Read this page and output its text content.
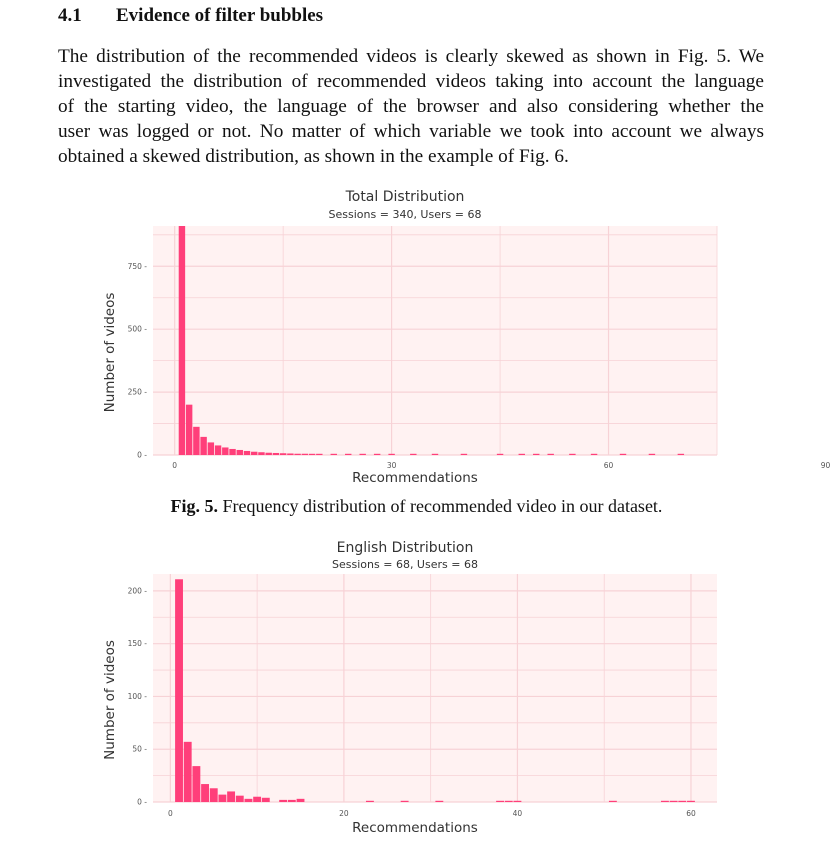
4.1 Evidence of filter bubbles
The distribution of the recommended videos is clearly skewed as shown in Fig. 5. We
investigated the distribution of recommended videos taking into account the language
of the starting video, the language of the browser and also considering whether the
user was logged or not. No matter of which variable we took into account we always
obtained a skewed distribution, as shown in the example of Fig. 6.
0	30	60	90
0 -
250 -
500 -
750 -
Total Distribution
Sessions = 340, Users = 68
Recommendations
Number of videos
Fig. 5. Frequency distribution of recommended video in our dataset.
0	20	40	60
0 -
50 -
100 -
150 -
200 -
English Distribution
Sessions = 68, Users = 68
Recommendations
Number of videos
